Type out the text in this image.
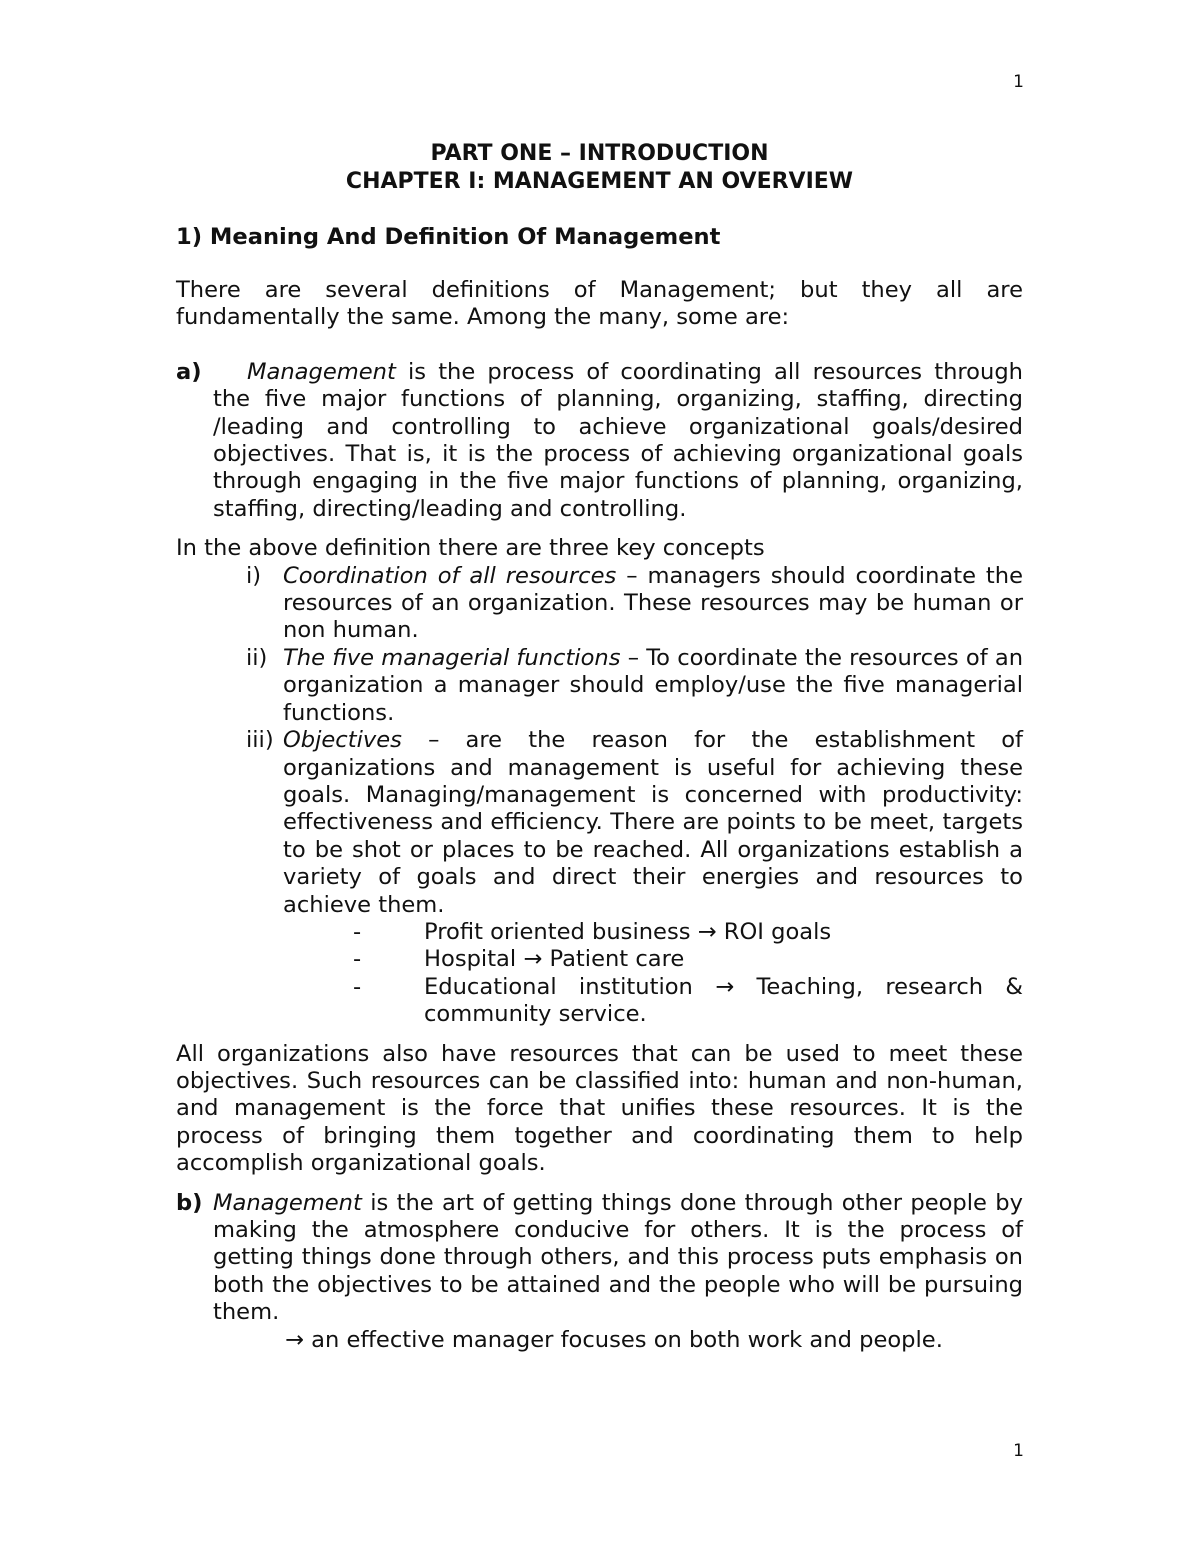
1

PART ONE – INTRODUCTION

CHAPTER I: MANAGEMENT AN OVERVIEW

1) Meaning And Definition Of Management

There are several definitions of Management; but they all are fundamentally the same. Among the many, some are:

a)	Management is the process of coordinating all resources through the five major functions of planning, organizing, staffing, directing /leading and controlling to achieve organizational goals/desired objectives. That is, it is the process of achieving organizational goals through engaging in the five major functions of planning, organizing, staffing, directing/leading and controlling.

In the above definition there are three key concepts

i) Coordination of all resources – managers should coordinate the resources of an organization. These resources may be human or non human.

ii) The five managerial functions – To coordinate the resources of an organization a manager should employ/use the five managerial functions.

iii) Objectives – are the reason for the establishment of organizations and management is useful for achieving these goals. Managing/management is concerned with productivity: effectiveness and efficiency. There are points to be meet, targets to be shot or places to be reached. All organizations establish a variety of goals and direct their energies and resources to achieve them.

-	Profit oriented business → ROI goals

-	Hospital → Patient care

-	Educational institution → Teaching, research & community service.

All organizations also have resources that can be used to meet these objectives. Such resources can be classified into: human and non-human, and management is the force that unifies these resources. It is the process of bringing them together and coordinating them to help accomplish organizational goals.

b) Management is the art of getting things done through other people by making the atmosphere conducive for others. It is the process of getting things done through others, and this process puts emphasis on both the objectives to be attained and the people who will be pursuing them.

→ an effective manager focuses on both work and people.

1
